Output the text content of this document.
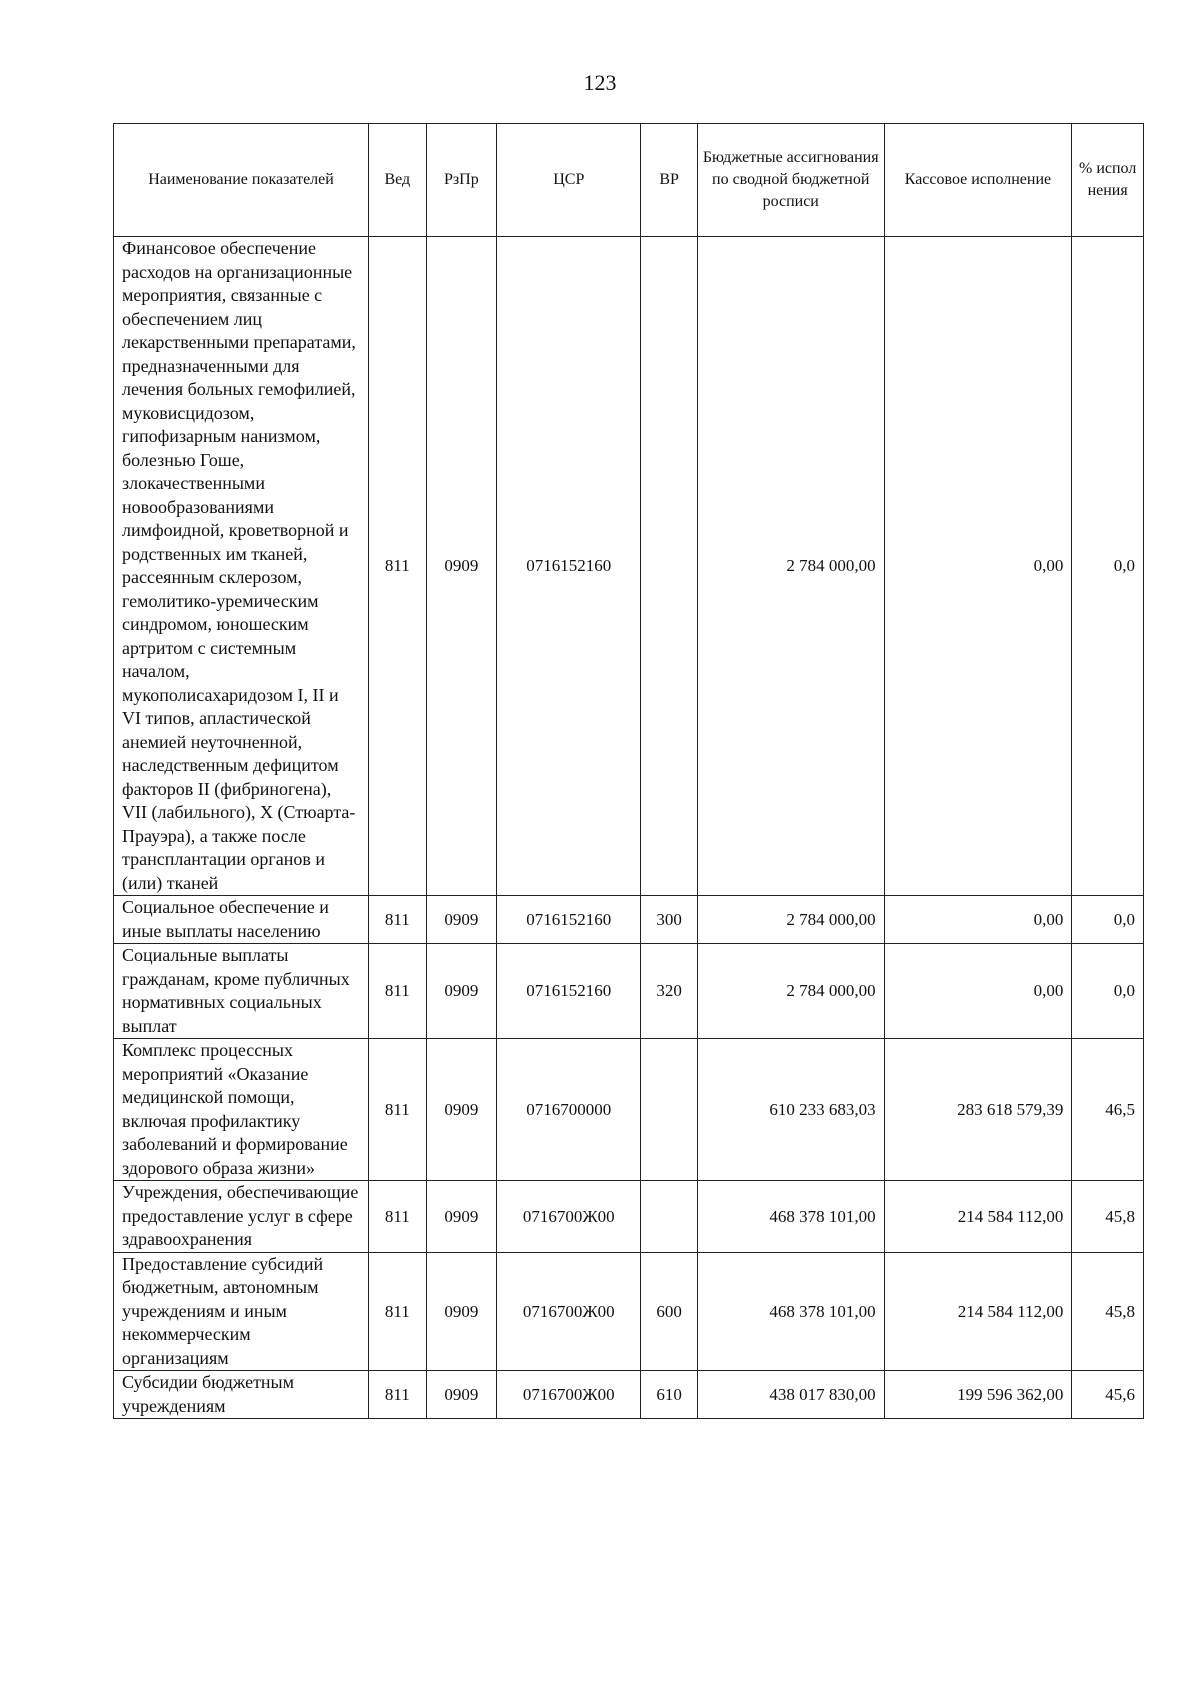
123
Наименование показателей	Вед	РзПр	ЦСР	ВР	Бюджетные ассигнования по сводной бюджетной росписи	Кассовое исполнение	% испол нения
Финансовое обеспечение расходов на организационные мероприятия, связанные с обеспечением лиц лекарственными препаратами, предназначенными для лечения больных гемофилией, муковисцидозом, гипофизарным нанизмом, болезнью Гоше, злокачественными новообразованиями лимфоидной, кроветворной и родственных им тканей, рассеянным склерозом, гемолитико-уремическим синдромом, юношеским артритом с системным началом, мукополисахаридозом I, II и VI типов, апластической анемией неуточненной, наследственным дефицитом факторов II (фибриногена), VII (лабильного), X (Стюарта-Прауэра), а также после трансплантации органов и (или) тканей	811	0909	0716152160		2 784 000,00	0,00	0,0
Социальное обеспечение и иные выплаты населению	811	0909	0716152160	300	2 784 000,00	0,00	0,0
Социальные выплаты гражданам, кроме публичных нормативных социальных выплат	811	0909	0716152160	320	2 784 000,00	0,00	0,0
Комплекс процессных мероприятий «Оказание медицинской помощи, включая профилактику заболеваний и формирование здорового образа жизни»	811	0909	0716700000		610 233 683,03	283 618 579,39	46,5
Учреждения, обеспечивающие предоставление услуг в сфере здравоохранения	811	0909	0716700Ж00		468 378 101,00	214 584 112,00	45,8
Предоставление субсидий бюджетным, автономным учреждениям и иным некоммерческим организациям	811	0909	0716700Ж00	600	468 378 101,00	214 584 112,00	45,8
Субсидии бюджетным учреждениям	811	0909	0716700Ж00	610	438 017 830,00	199 596 362,00	45,6
